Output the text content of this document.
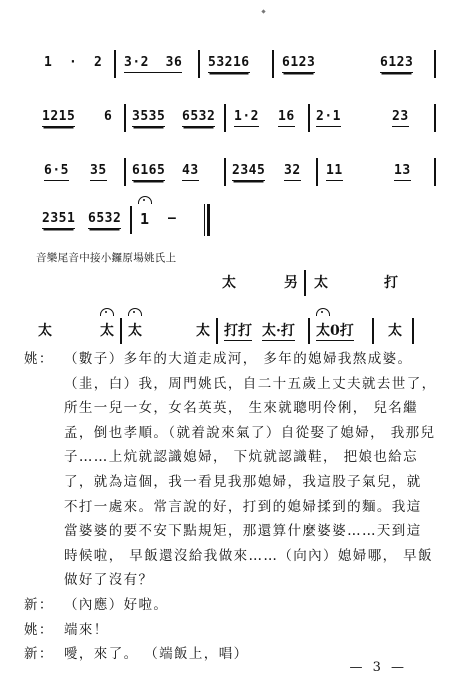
1  ·  2 3·2  36 53216 6123	6123
1215 6 3535 6532 1·2 16 2·1	23
6·5 35 6165 43	2345 32 11	13
2351 6532 1 —
音樂尾音中接小鑼原場姚氏上
太	另 太	打
太	太 太	太 打打 太·打 太0打 太
姚： （數子）多年的大道走成河， 多年的媳婦我熬成婆。
（韭，白）我，周門姚氏，自二十五歲上丈夫就去世了，
所生一兒一女，女名英英， 生來就聰明伶俐， 兒名繼
孟，倒也孝順。（就着說來氣了）自從娶了媳婦， 我那兒
子……上炕就認識媳婦， 下炕就認識鞋， 把娘也給忘
了，就為這個，我一看見我那媳婦，我這股子氣兒，就
不打一處來。常言說的好，打到的媳婦揉到的麵。我這
當婆婆的要不安下點規矩，那還算什麼婆婆……天到這
時候啦， 早飯還沒給我做來……（向內）媳婦哪， 早飯
做好了沒有？
新： （內應）好啦。
姚： 端來！
新： 噯，來了。 （端飯上，唱）
— 3 —
